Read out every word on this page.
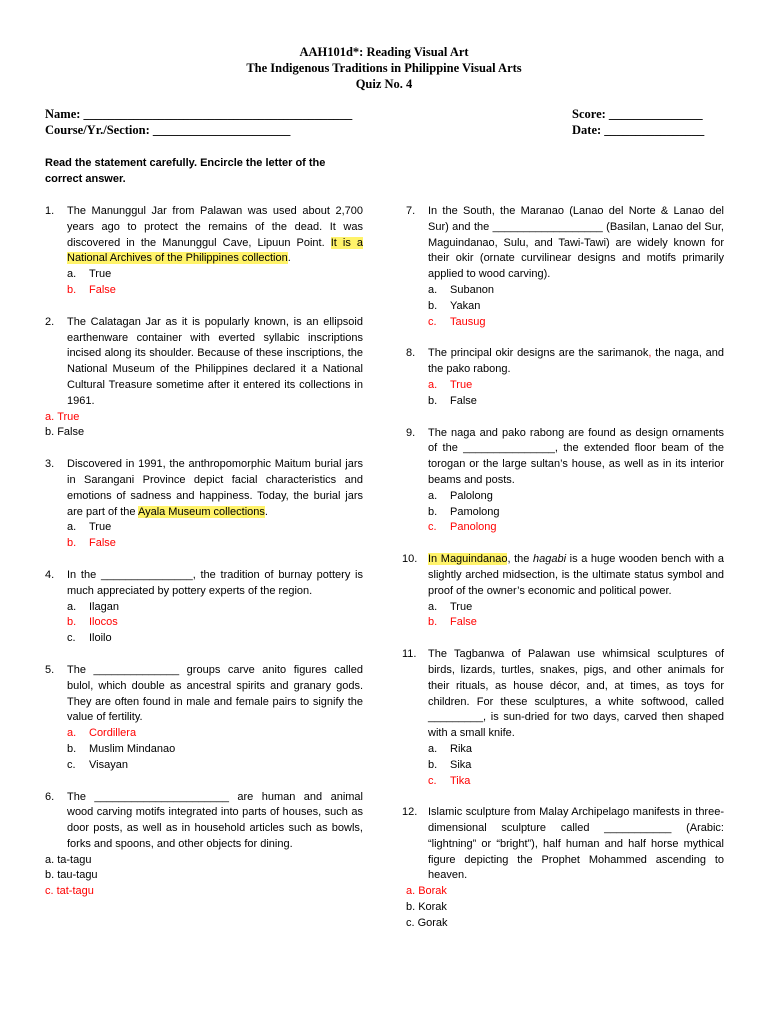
AAH101d*: Reading Visual Art
The Indigenous Traditions in Philippine Visual Arts
Quiz No. 4
Name: ___________________________________________
Course/Yr./Section: ______________________
Score: _______________
Date: ________________
Read the statement carefully. Encircle the letter of the correct answer.
1. The Manunggul Jar from Palawan was used about 2,700 years ago to protect the remains of the dead. It was discovered in the Manunggul Cave, Lipuun Point. It is a National Archives of the Philippines collection.
a. True
b. False
2. The Calatagan Jar as it is popularly known, is an ellipsoid earthenware container with everted syllabic inscriptions incised along its shoulder. Because of these inscriptions, the National Museum of the Philippines declared it a National Cultural Treasure sometime after it entered its collections in 1961.
a. True
b. False
3. Discovered in 1991, the anthropomorphic Maitum burial jars in Sarangani Province depict facial characteristics and emotions of sadness and happiness. Today, the burial jars are part of the Ayala Museum collections.
a. True
b. False
4. In the _______________, the tradition of burnay pottery is much appreciated by pottery experts of the region.
a. Ilagan
b. Ilocos
c. Iloilo
5. The ______________ groups carve anito figures called bulol, which double as ancestral spirits and granary gods. They are often found in male and female pairs to signify the value of fertility.
a. Cordillera
b. Muslim Mindanao
c. Visayan
6. The ______________________ are human and animal wood carving motifs integrated into parts of houses, such as door posts, as well as in household articles such as bowls, forks and spoons, and other objects for dining.
a. ta-tagu
b. tau-tagu
c. tat-tagu
7. In the South, the Maranao (Lanao del Norte & Lanao del Sur) and the __________________ (Basilan, Lanao del Sur, Maguindanao, Sulu, and Tawi-Tawi) are widely known for their okir (ornate curvilinear designs and motifs primarily applied to wood carving).
a. Subanon
b. Yakan
c. Tausug
8. The principal okir designs are the sarimanok, the naga, and the pako rabong.
a. True
b. False
9. The naga and pako rabong are found as design ornaments of the _______________, the extended floor beam of the torogan or the large sultan’s house, as well as in its interior beams and posts.
a. Palolong
b. Pamolong
c. Panolong
10. In Maguindanao, the hagabi is a huge wooden bench with a slightly arched midsection, is the ultimate status symbol and proof of the owner’s economic and political power.
a. True
b. False
11. The Tagbanwa of Palawan use whimsical sculptures of birds, lizards, turtles, snakes, pigs, and other animals for their rituals, as house décor, and, at times, as toys for children. For these sculptures, a white softwood, called _________, is sun-dried for two days, carved then shaped with a small knife.
a. Rika
b. Sika
c. Tika
12. Islamic sculpture from Malay Archipelago manifests in three-dimensional sculpture called ___________ (Arabic: “lightning” or “bright”), half human and half horse mythical figure depicting the Prophet Mohammed ascending to heaven.
a. Borak
b. Korak
c. Gorak
